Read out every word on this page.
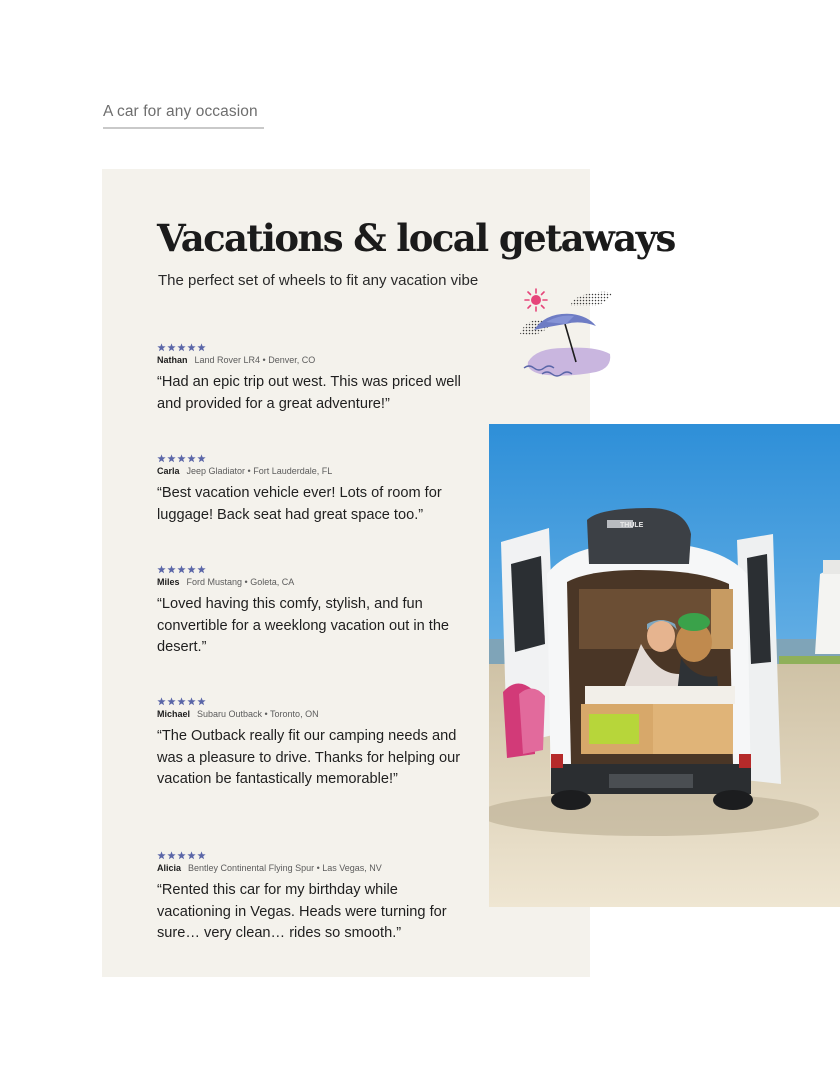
A car for any occasion
Vacations & local getaways
The perfect set of wheels to fit any vacation vibe
Nathan Land Rover LR4 • Denver, CO
“Had an epic trip out west. This was priced well and provided for a great adventure!”
Carla Jeep Gladiator • Fort Lauderdale, FL
“Best vacation vehicle ever! Lots of room for luggage! Back seat had great space too.”
Miles Ford Mustang • Goleta, CA
“Loved having this comfy, stylish, and fun convertible for a weeklong vacation out in the desert.”
Michael Subaru Outback • Toronto, ON
“The Outback really fit our camping needs and was a pleasure to drive. Thanks for helping our vacation be fantastically memorable!”
Alicia Bentley Continental Flying Spur • Las Vegas, NV
“Rented this car for my birthday while vacationing in Vegas. Heads were turning for sure… very clean… rides so smooth.”
THULE
